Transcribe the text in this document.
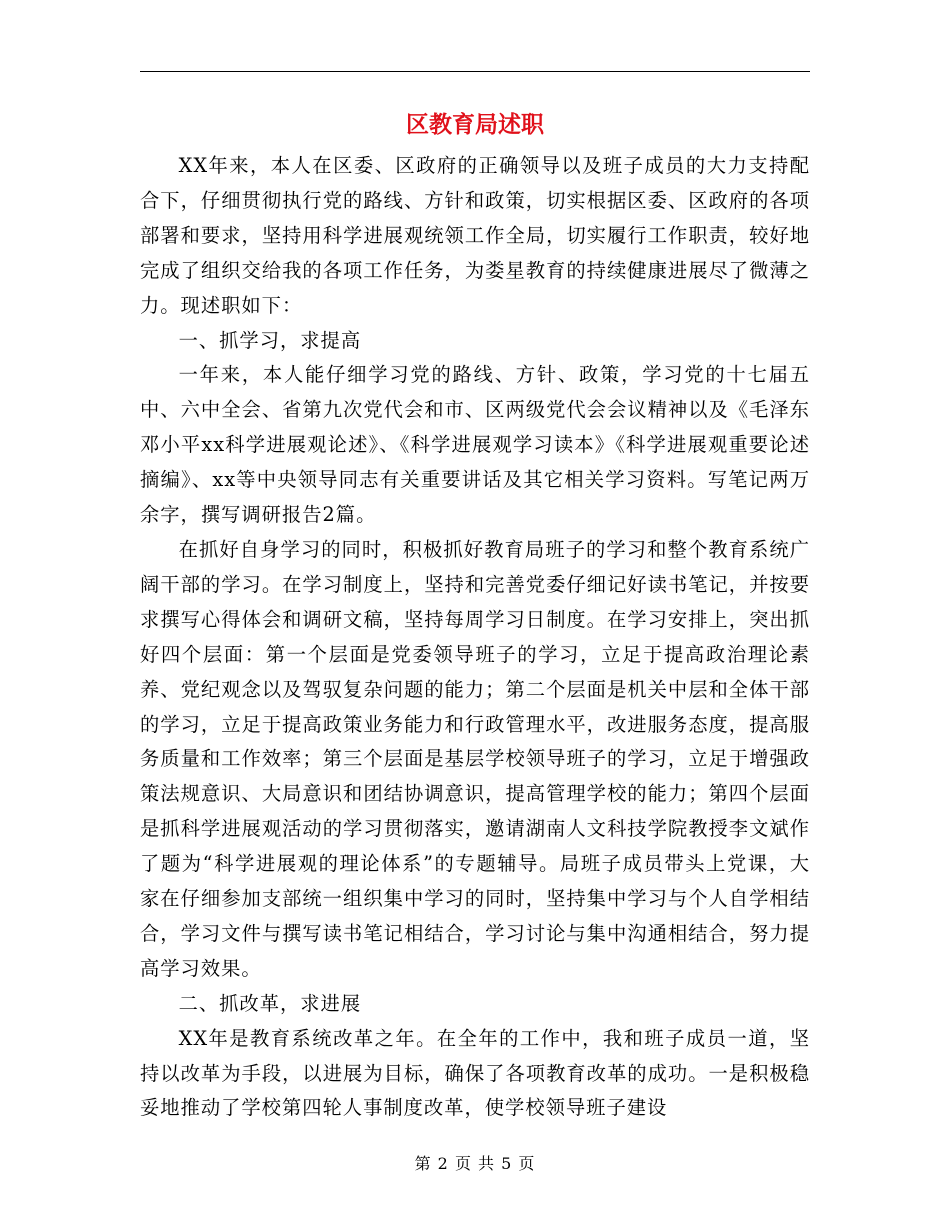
区教育局述职

XX年来，本人在区委、区政府的正确领导以及班子成员的大力支持配合下，仔细贯彻执行党的路线、方针和政策，切实根据区委、区政府的各项部署和要求，坚持用科学进展观统领工作全局，切实履行工作职责，较好地完成了组织交给我的各项工作任务，为娄星教育的持续健康进展尽了微薄之力。现述职如下：

一、抓学习，求提高

一年来，本人能仔细学习党的路线、方针、政策，学习党的十七届五中、六中全会、省第九次党代会和市、区两级党代会会议精神以及《毛泽东邓小平xx科学进展观论述》、《科学进展观学习读本》《科学进展观重要论述摘编》、xx等中央领导同志有关重要讲话及其它相关学习资料。写笔记两万余字，撰写调研报告2篇。

在抓好自身学习的同时，积极抓好教育局班子的学习和整个教育系统广阔干部的学习。在学习制度上，坚持和完善党委仔细记好读书笔记，并按要求撰写心得体会和调研文稿，坚持每周学习日制度。在学习安排上，突出抓好四个层面：第一个层面是党委领导班子的学习，立足于提高政治理论素养、党纪观念以及驾驭复杂问题的能力；第二个层面是机关中层和全体干部的学习，立足于提高政策业务能力和行政管理水平，改进服务态度，提高服务质量和工作效率；第三个层面是基层学校领导班子的学习，立足于增强政策法规意识、大局意识和团结协调意识，提高管理学校的能力；第四个层面是抓科学进展观活动的学习贯彻落实，邀请湖南人文科技学院教授李文斌作了题为“科学进展观的理论体系”的专题辅导。局班子成员带头上党课，大家在仔细参加支部统一组织集中学习的同时，坚持集中学习与个人自学相结合，学习文件与撰写读书笔记相结合，学习讨论与集中沟通相结合，努力提高学习效果。

二、抓改革，求进展

XX年是教育系统改革之年。在全年的工作中，我和班子成员一道，坚持以改革为手段，以进展为目标，确保了各项教育改革的成功。一是积极稳妥地推动了学校第四轮人事制度改革，使学校领导班子建设

第 2 页 共 5 页
